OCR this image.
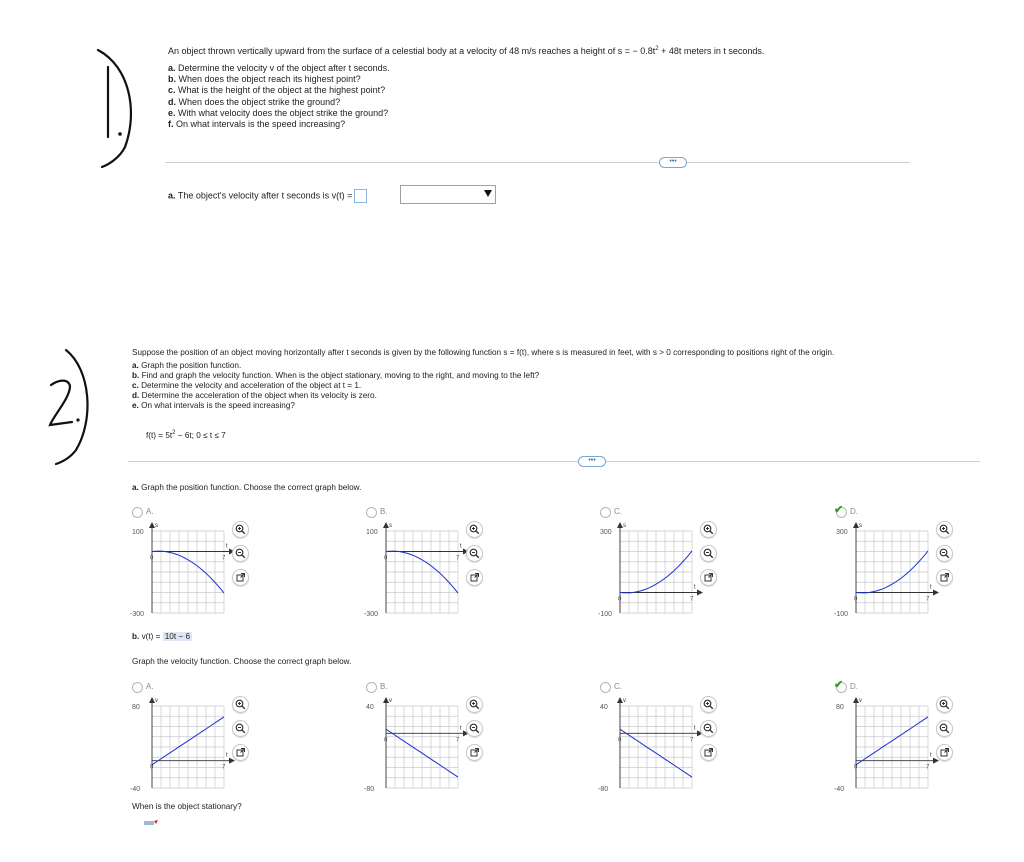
An object thrown vertically upward from the surface of a celestial body at a velocity of 48 m/s reaches a height of s = − $0.8t^2 + 48t$ meters in t seconds.
a. Determine the velocity v of the object after t seconds.
b. When does the object reach its highest point?
c. What is the height of the object at the highest point?
d. When does the object strike the ground?
e. With what velocity does the object strike the ground?
f. On what intervals is the speed increasing?
•••
a. The object's velocity after t seconds is v(t) =
Suppose the position of an object moving horizontally after t seconds is given by the following function s = f(t), where s is measured in feet, with s > 0 corresponding to positions right of the origin.
a. Graph the position function.
b. Find and graph the velocity function. When is the object stationary, moving to the right, and moving to the left?
c. Determine the velocity and acceleration of the object at t = 1.
d. Determine the acceleration of the object when its velocity is zero.
e. On what intervals is the speed increasing?
$f(t) = 5t^2 - 6t$; 0 ≤ t ≤ 7
•••
a. Graph the position function. Choose the correct graph below.
A.
100
-300
s
t
7
0
B.
100
-300
s
t
7
0
C.
300
-100
s
t
7
0
✔ D.
300
-100
s
t
7
0
b. v(t) = 10t − 6
Graph the velocity function. Choose the correct graph below.
A.
80
-40
v
t
7
0
B.
40
-80
v
t
7
0
C.
40
-80
v
t
7
0
✔ D.
80
-40
v
t
7
0
When is the object stationary?
